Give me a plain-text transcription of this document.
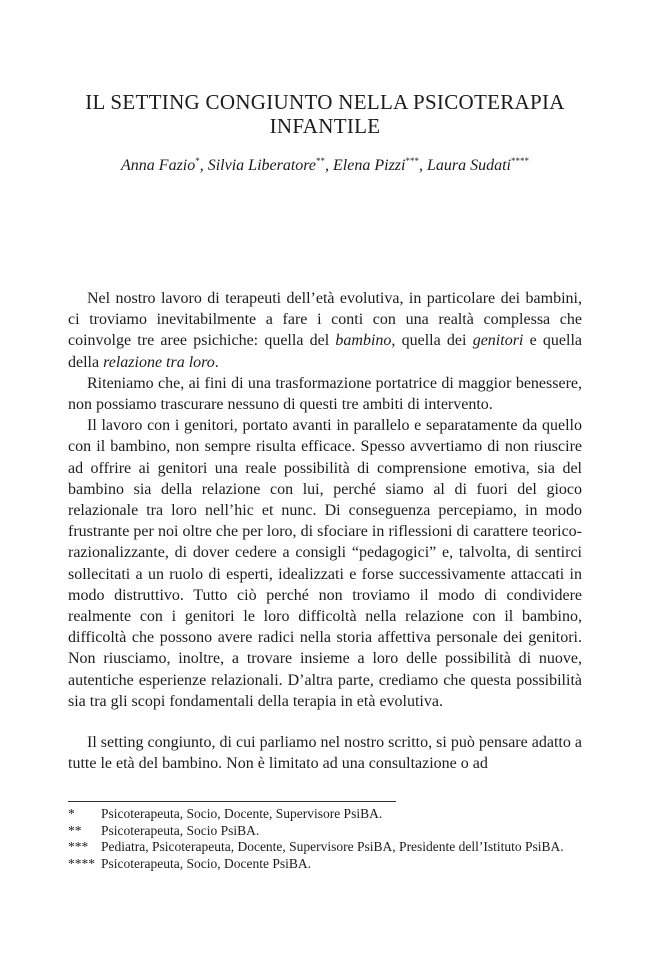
IL SETTING CONGIUNTO NELLA PSICOTERAPIA INFANTILE

Anna Fazio*, Silvia Liberatore**, Elena Pizzi***, Laura Sudati****

Nel nostro lavoro di terapeuti dell’età evolutiva, in particolare dei bambini, ci troviamo inevitabilmente a fare i conti con una realtà complessa che coinvolge tre aree psichiche: quella del bambino, quella dei genitori e quella della relazione tra loro.

Riteniamo che, ai fini di una trasformazione portatrice di maggior benessere, non possiamo trascurare nessuno di questi tre ambiti di intervento.

Il lavoro con i genitori, portato avanti in parallelo e separatamente da quello con il bambino, non sempre risulta efficace. Spesso avvertiamo di non riuscire ad offrire ai genitori una reale possibilità di comprensione emotiva, sia del bambino sia della relazione con lui, perché siamo al di fuori del gioco relazionale tra loro nell’hic et nunc. Di conseguenza percepiamo, in modo frustrante per noi oltre che per loro, di sfociare in riflessioni di carattere teorico-razionalizzante, di dover cedere a consigli “pedagogici” e, talvolta, di sentirci sollecitati a un ruolo di esperti, idealizzati e forse successivamente attaccati in modo distruttivo. Tutto ciò perché non troviamo il modo di condividere realmente con i genitori le loro difficoltà nella relazione con il bambino, difficoltà che possono avere radici nella storia affettiva personale dei genitori. Non riusciamo, inoltre, a trovare insieme a loro delle possibilità di nuove, autentiche esperienze relazionali. D’altra parte, crediamo che questa possibilità sia tra gli scopi fondamentali della terapia in età evolutiva.

Il setting congiunto, di cui parliamo nel nostro scritto, si può pensare adatto a tutte le età del bambino. Non è limitato ad una consultazione o ad

* Psicoterapeuta, Socio, Docente, Supervisore PsiBA.
** Psicoterapeuta, Socio PsiBA.
*** Pediatra, Psicoterapeuta, Docente, Supervisore PsiBA, Presidente dell’Istituto PsiBA.
**** Psicoterapeuta, Socio, Docente PsiBA.
